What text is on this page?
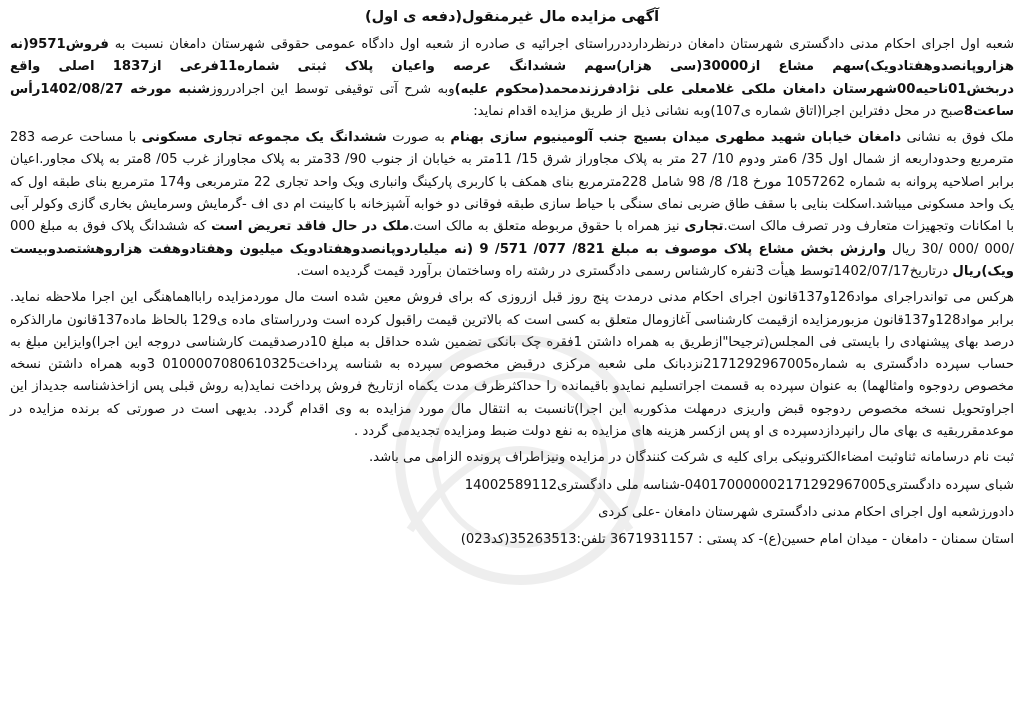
آگهی مزایده مال غیرمنقول(دفعه ی اول)

شعبه اول اجرای احکام مدنی دادگستری شهرستان دامغان درنظردارددرراستای اجرائیه ی صادره از شعبه اول دادگاه عمومی حقوقی شهرستان دامغان نسبت به فروش9571(نه هزاروپانصدوهفتادویک)سهم مشاع از30000(سی هزار)سهم ششدانگ عرصه واعیان پلاک ثبتی شماره11فرعی از1837 اصلی واقع دربخش01ناحیه00شهرستان دامغان ملکی غلامعلی علی نژادفرزندمحمد(محکوم علیه)وبه شرح آتی توقیفی توسط این اجرادرروزشنبه مورخه 1402/08/27رأس ساعت8صبح در محل دفتراین اجرا(اتاق شماره ی107)وبه نشانی ذیل از طریق مزایده اقدام نماید:

ملک فوق به نشانی دامغان خیابان شهید مطهری میدان بسیج جنب آلومینیوم سازی بهنام به صورت ششدانگ یک مجموعه تجاری مسکونی با مساحت عرصه 283 مترمربع وحدوداربعه از شمال اول 35/ 6متر ودوم 10/ 27 متر به پلاک مجاوراز شرق 15/ 11متر به خیابان از جنوب 90/ 33متر به پلاک مجاوراز غرب 05/ 8متر به پلاک مجاور.اعیان برابر اصلاحیه پروانه به شماره 1057262 مورخ 18/ 8/ 98 شامل 228مترمربع بنای همکف با کاربری پارکینگ وانباری ویک واحد تجاری 22 مترمربعی و174 مترمربع بنای طبقه اول که یک واحد مسکونی میباشد.اسکلت بنایی با سقف طاق ضربی نمای سنگی با حیاط سازی طبقه فوقانی دو خوابه آشپزخانه با کابینت ام دی اف -گرمایش وسرمایش بخاری گازی وکولر آبی با امکانات وتجهیزات متعارف ودر تصرف مالک است.تجاری نیز همراه با حقوق مربوطه متعلق به مالک است.ملک در حال فاقد تعریض است که ششدانگ پلاک فوق به مبلغ 000 /000 /000 /30 ریال وارزش بخش مشاع پلاک موصوف به مبلغ 821/ 077/ 571/ 9 (نه میلیاردوپانصدوهفتادویک میلیون وهفتادوهفت هزاروهشتصدوبیست ویک)ریال درتاریخ1402/07/17توسط هیأت 3نفره کارشناس رسمی دادگستری در رشته راه وساختمان برآورد قیمت گردیده است.

هرکس می تواندراجرای مواد126و137قانون اجرای احکام مدنی درمدت پنج روز قبل ازروزی که برای فروش معین شده است مال موردمزایده رابااهماهنگی این اجرا ملاحظه نماید. برابر مواد128و137قانون مزبورمزایده ازقیمت کارشناسی آغازومال متعلق به کسی است که بالاترین قیمت راقبول کرده است ودرراستای ماده ی129 بالحاظ ماده137قانون مارالذکره درصد بهای پیشنهادی را بایستی فی المجلس(ترجیحا"ازطریق به همراه داشتن 1فقره چک بانکی تضمین شده حداقل به مبلغ 10درصدقیمت کارشناسی دروجه این اجرا)وایزاین مبلغ به حساب سپرده دادگستری به شماره2171292967005نزدبانک ملی شعبه مرکزی درقبض مخصوص سپرده به شناسه پرداخت0100007080610325 3وبه همراه داشتن نسخه مخصوص ردوجوه وامثالهما) به عنوان سپرده به قسمت اجراتسلیم نمایدو باقیمانده را حداکثرظرف مدت یکماه ازتاریخ فروش پرداخت نماید(به روش قبلی پس ازاخذشناسه جدیداز این اجراوتحویل نسخه مخصوص ردوجوه قبض واریزی درمهلت مذکوربه این اجرا)تانسبت به انتقال مال مورد مزایده به وی اقدام گردد. بدیهی است در صورتی که برنده مزایده در موعدمقرربقیه ی بهای مال رانپردازدسپرده ی او پس ازکسر هزینه های مزایده به نفع دولت ضبط ومزایده تجدیدمی گردد .

ثبت نام درسامانه ثناوثبت امضاءالکترونیکی برای کلیه ی شرکت کنندگان در مزایده ونیزاطراف پرونده الزامی می باشد.
شبای سپرده دادگستری040170000002171292967005-شناسه ملی دادگستری14002589112
دادورزشعبه اول اجرای احکام مدنی دادگستری شهرستان دامغان -علی کردی
استان سمنان - دامغان - میدان امام حسین(ع)- کد پستی : 3671931157 تلفن:35263513(کد023)
